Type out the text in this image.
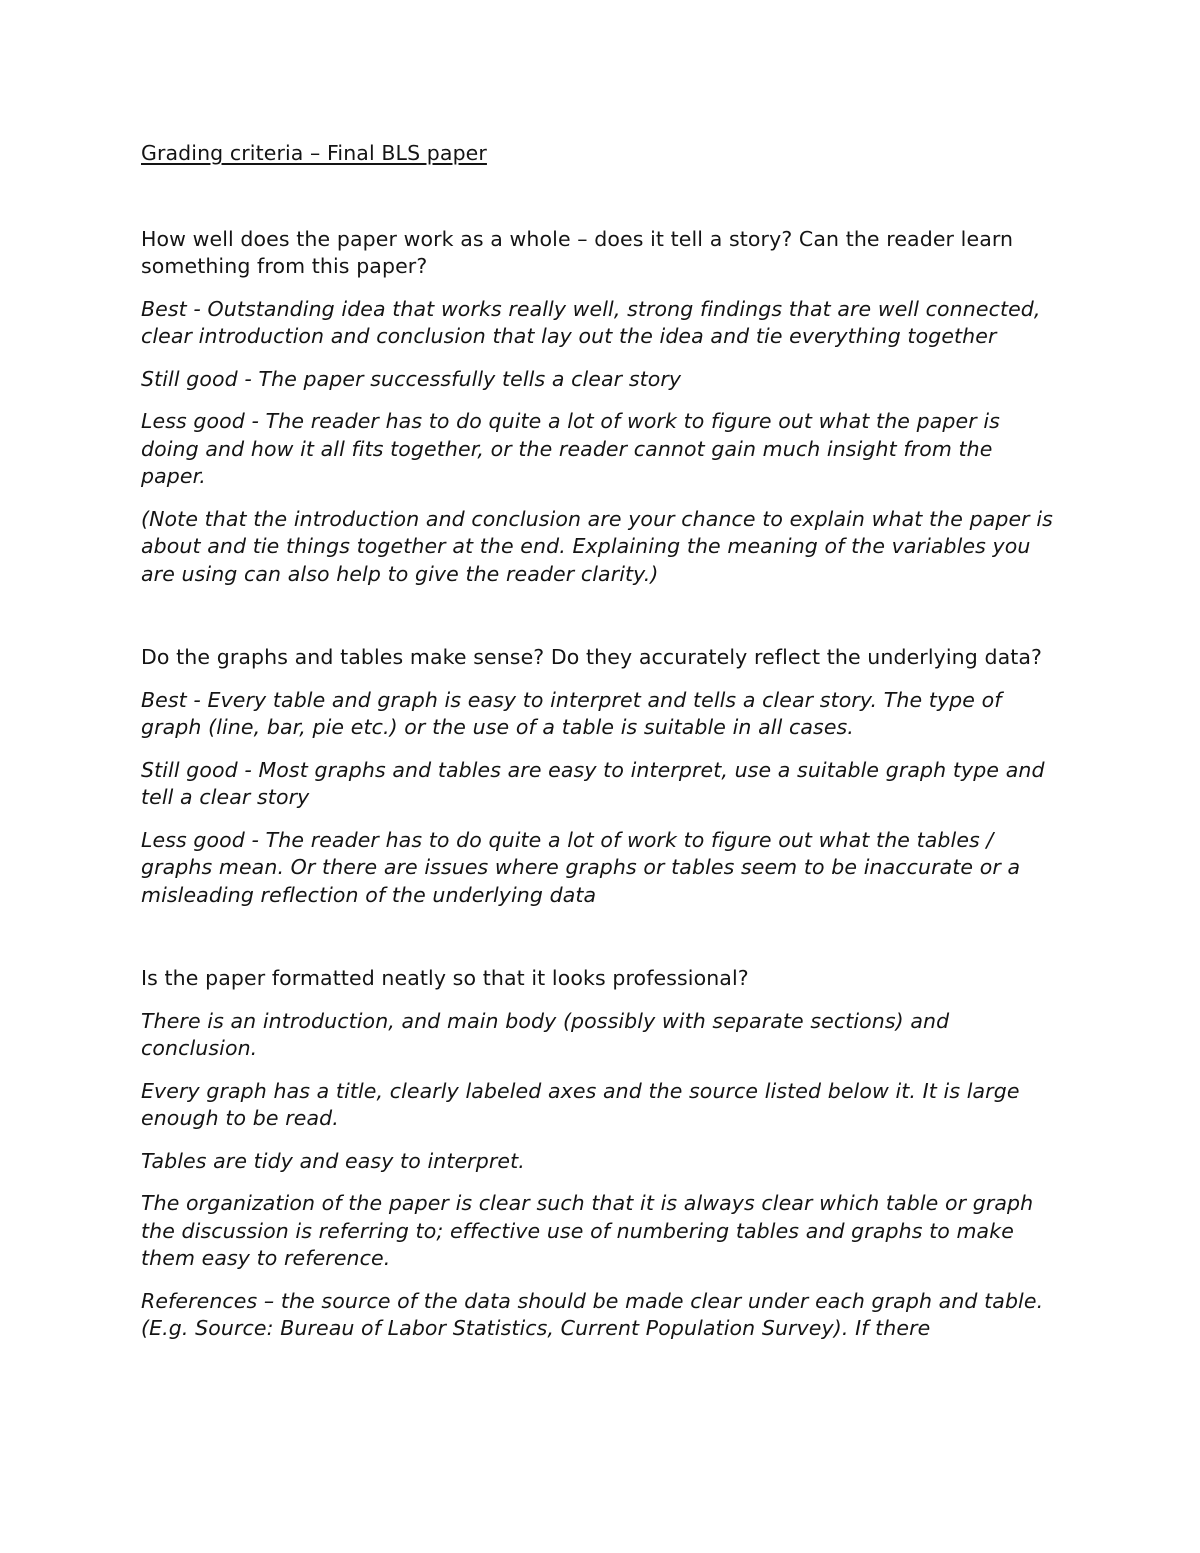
Grading criteria – Final BLS paper

How well does the paper work as a whole – does it tell a story? Can the reader learn something from this paper?

Best - Outstanding idea that works really well, strong findings that are well connected, clear introduction and conclusion that lay out the idea and tie everything together

Still good - The paper successfully tells a clear story

Less good - The reader has to do quite a lot of work to figure out what the paper is doing and how it all fits together, or the reader cannot gain much insight from the paper.

(Note that the introduction and conclusion are your chance to explain what the paper is about and tie things together at the end. Explaining the meaning of the variables you are using can also help to give the reader clarity.)

Do the graphs and tables make sense? Do they accurately reflect the underlying data?

Best - Every table and graph is easy to interpret and tells a clear story. The type of graph (line, bar, pie etc.) or the use of a table is suitable in all cases.

Still good - Most graphs and tables are easy to interpret, use a suitable graph type and tell a clear story

Less good - The reader has to do quite a lot of work to figure out what the tables / graphs mean. Or there are issues where graphs or tables seem to be inaccurate or a misleading reflection of the underlying data

Is the paper formatted neatly so that it looks professional?

There is an introduction, and main body (possibly with separate sections) and conclusion.

Every graph has a title, clearly labeled axes and the source listed below it. It is large enough to be read.

Tables are tidy and easy to interpret.

The organization of the paper is clear such that it is always clear which table or graph the discussion is referring to; effective use of numbering tables and graphs to make them easy to reference.

References – the source of the data should be made clear under each graph and table. (E.g. Source: Bureau of Labor Statistics, Current Population Survey). If there
